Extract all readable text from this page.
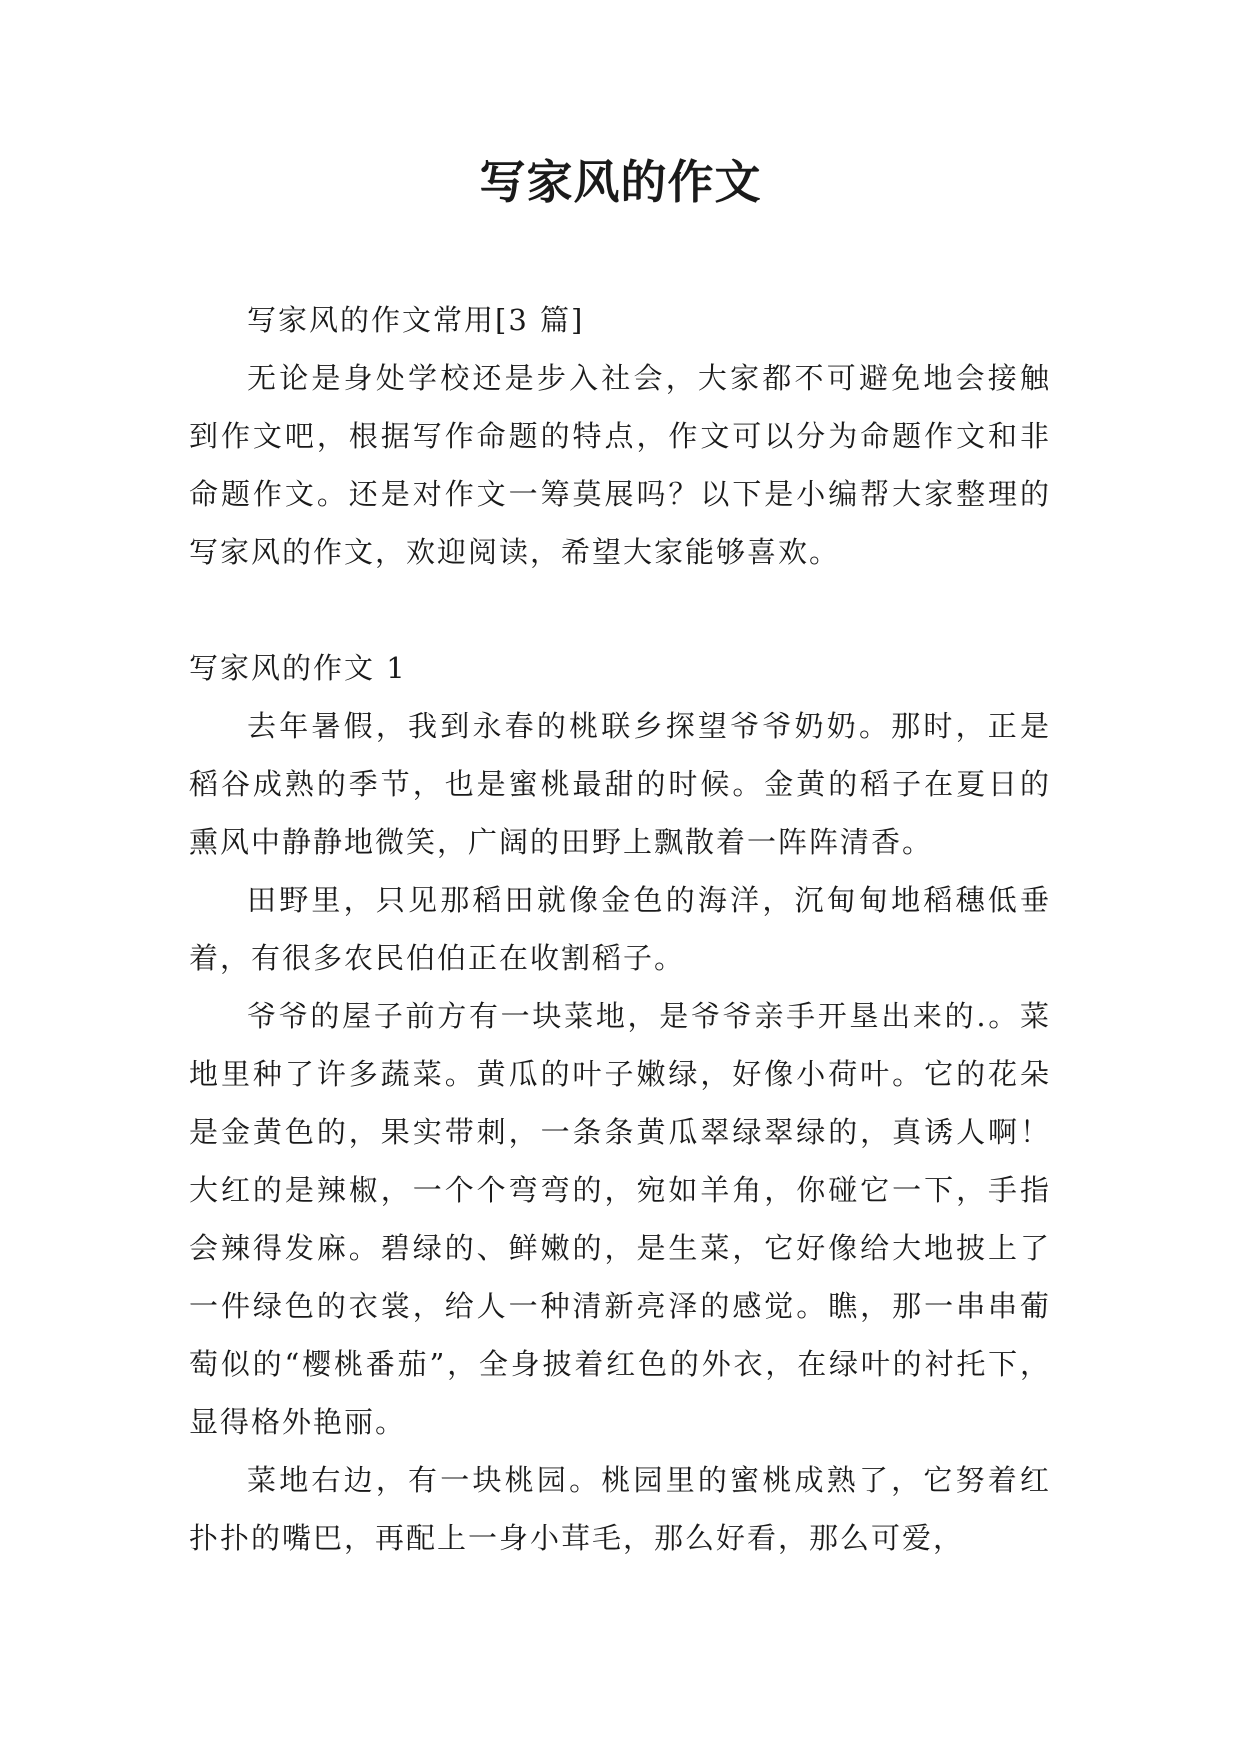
写家风的作文

写家风的作文常用[3 篇]

无论是身处学校还是步入社会，大家都不可避免地会接触到作文吧，根据写作命题的特点，作文可以分为命题作文和非命题作文。还是对作文一筹莫展吗？以下是小编帮大家整理的写家风的作文，欢迎阅读，希望大家能够喜欢。

写家风的作文 1

去年暑假，我到永春的桃联乡探望爷爷奶奶。那时，正是稻谷成熟的季节，也是蜜桃最甜的时候。金黄的稻子在夏日的熏风中静静地微笑，广阔的田野上飘散着一阵阵清香。

田野里，只见那稻田就像金色的海洋，沉甸甸地稻穗低垂着，有很多农民伯伯正在收割稻子。

爷爷的屋子前方有一块菜地，是爷爷亲手开垦出来的.。菜地里种了许多蔬菜。黄瓜的叶子嫩绿，好像小荷叶。它的花朵是金黄色的，果实带刺，一条条黄瓜翠绿翠绿的，真诱人啊！大红的是辣椒，一个个弯弯的，宛如羊角，你碰它一下，手指会辣得发麻。碧绿的、鲜嫩的，是生菜，它好像给大地披上了一件绿色的衣裳，给人一种清新亮泽的感觉。瞧，那一串串葡萄似的“樱桃番茄”，全身披着红色的外衣，在绿叶的衬托下，显得格外艳丽。

菜地右边，有一块桃园。桃园里的蜜桃成熟了，它努着红扑扑的嘴巴，再配上一身小茸毛，那么好看，那么可爱，
